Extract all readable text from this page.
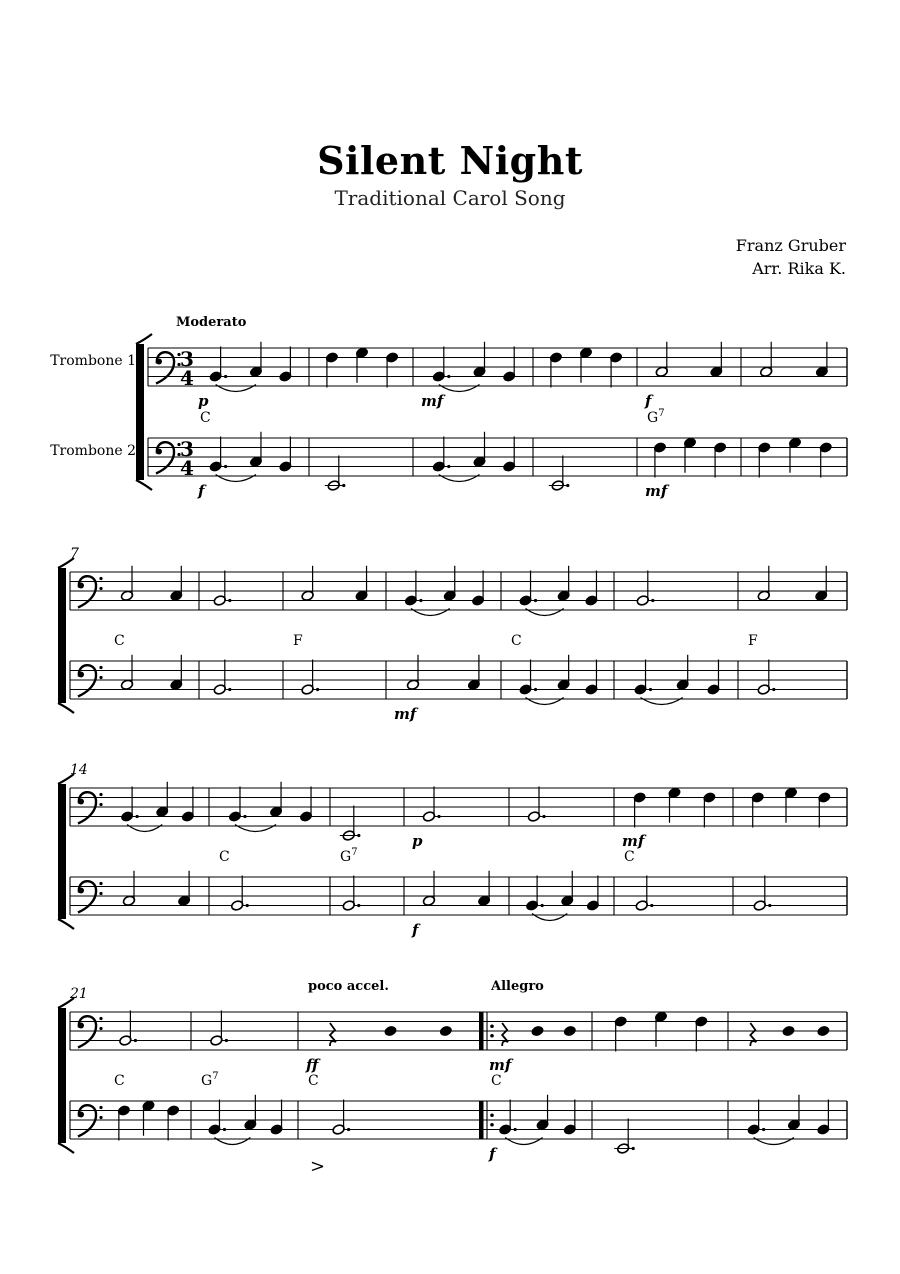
Silent Night
Traditional Carol Song
Franz Gruber
Arr. Rika K.
3
4
3
4
Trombone 1
Trombone 2
Moderato
C
p
f
mf
$G^7$
f
mf
7
C	F
mf
C	F
14
C	$G^7$
p
f
C
mf
21	poco accel.	Allegro
C	$G^7$	C
ff
C
mf
f
>
